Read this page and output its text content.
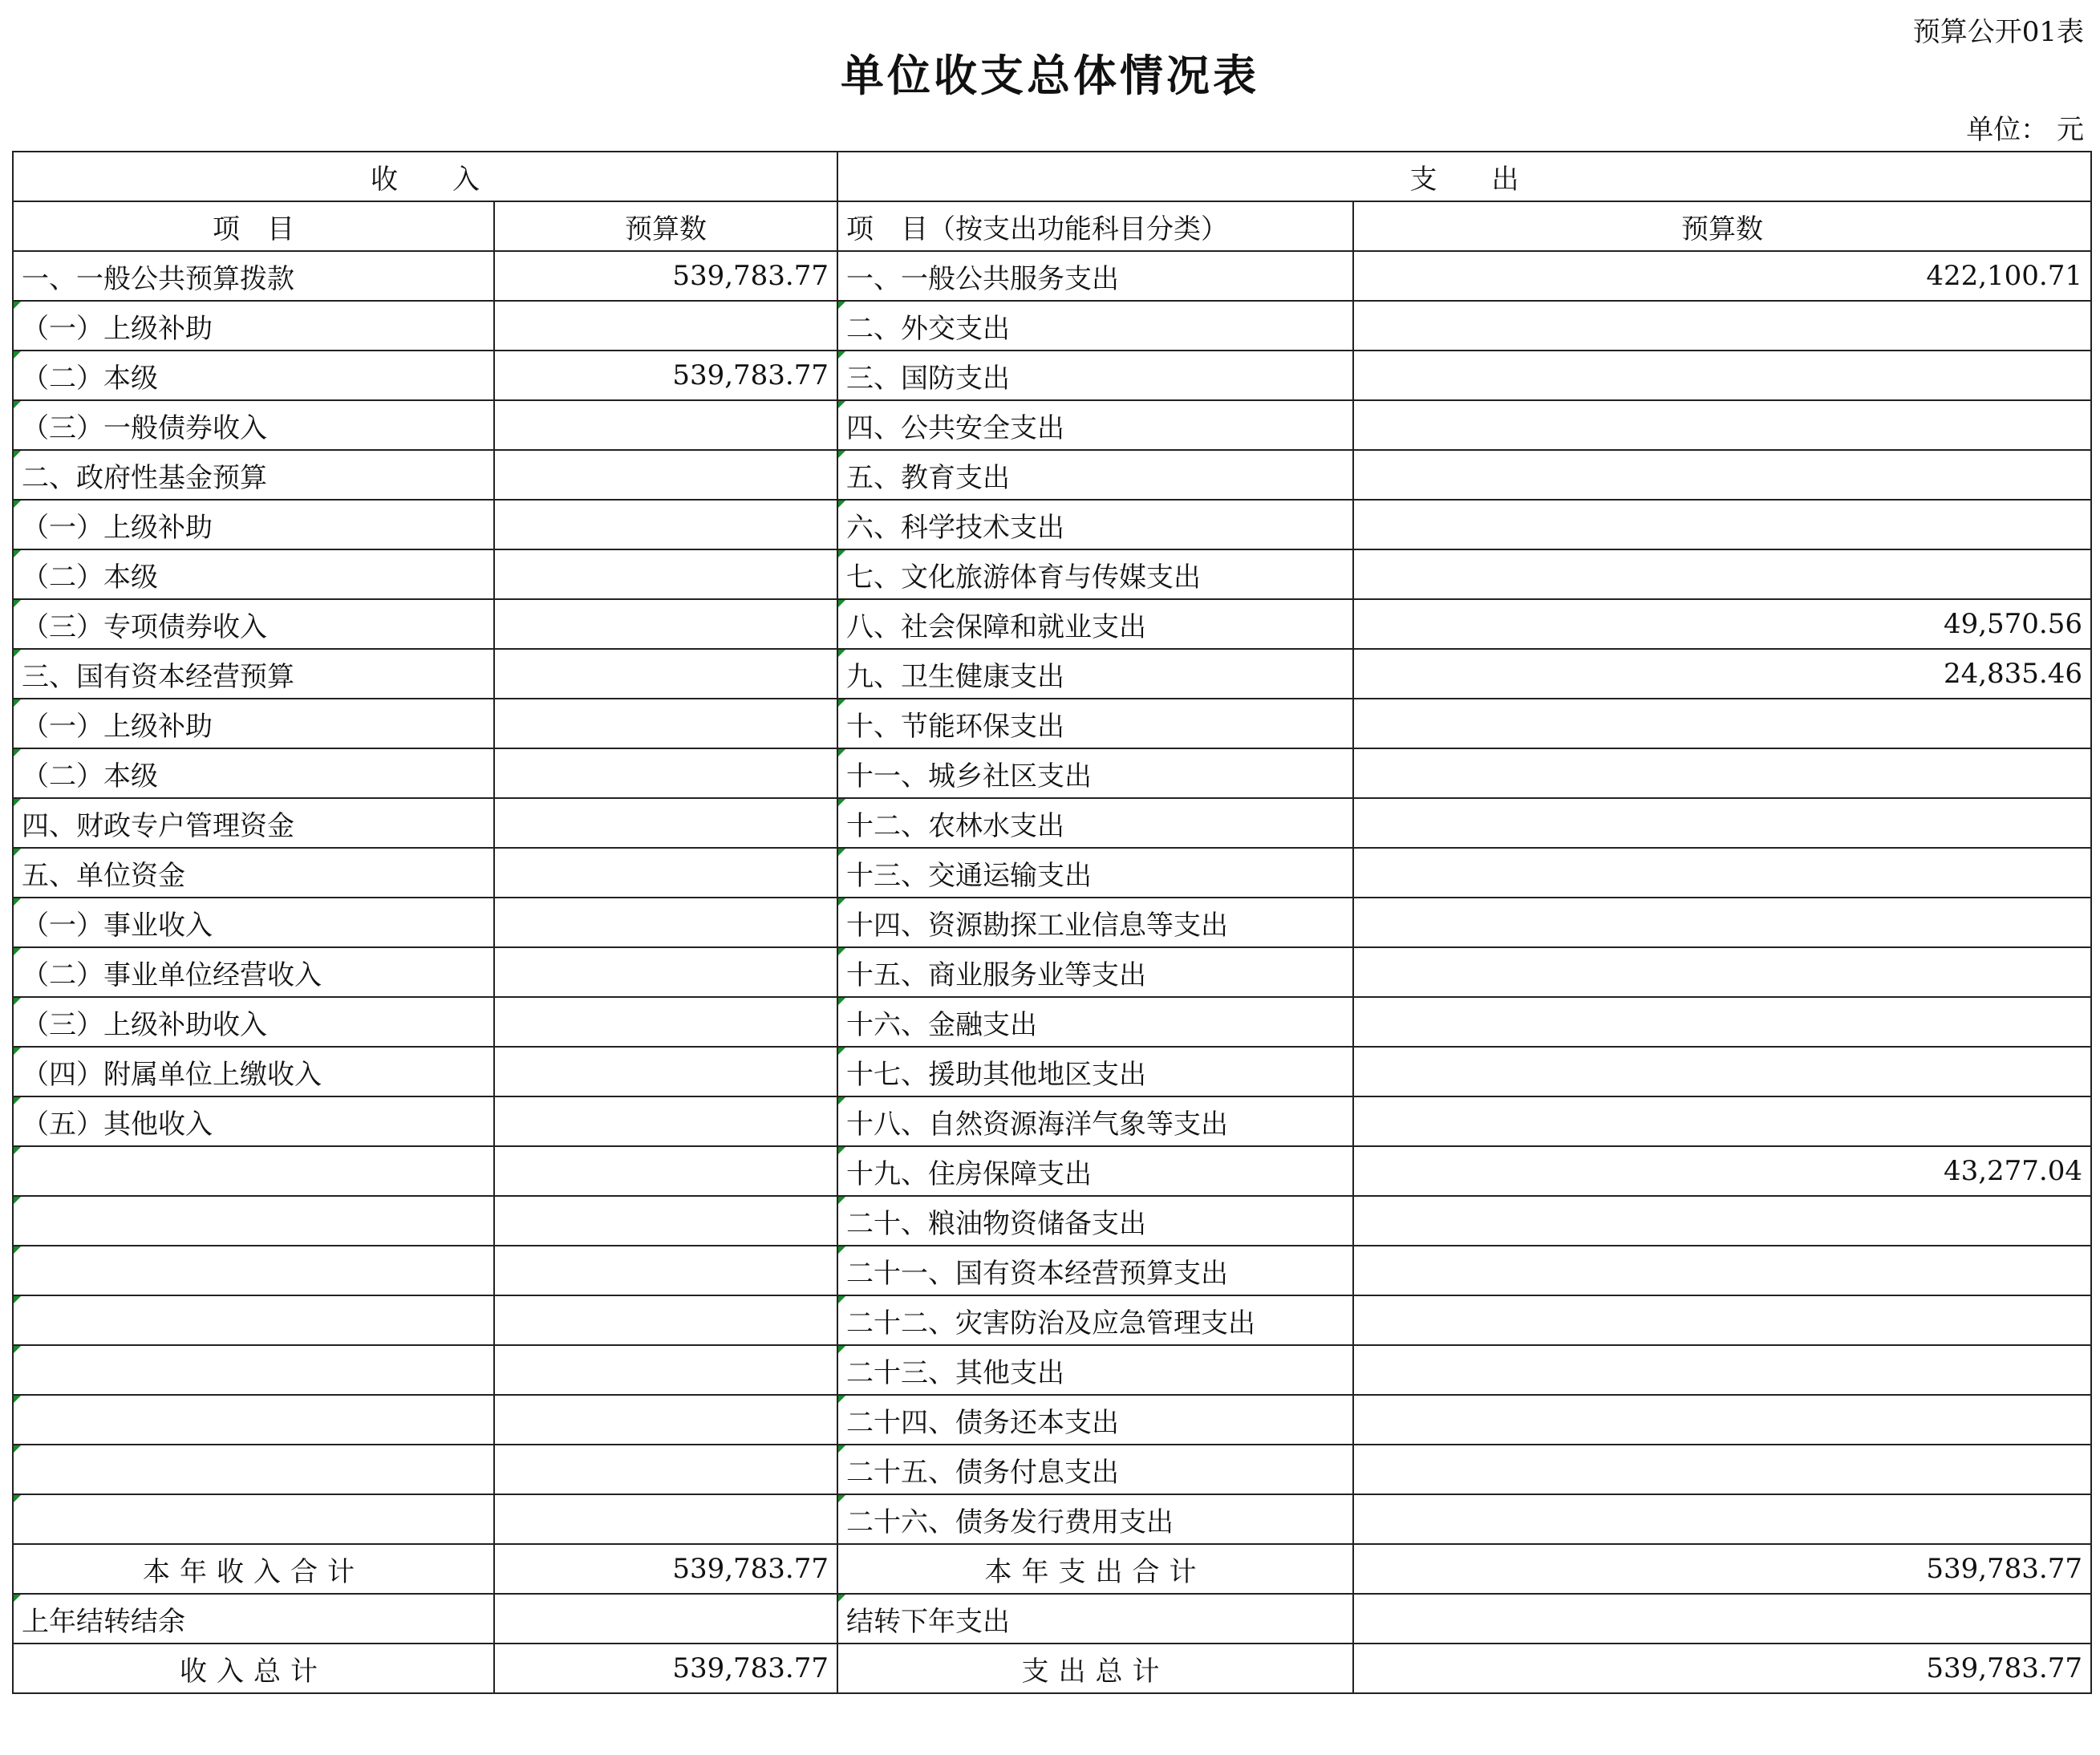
预算公开01表
单位收支总体情况表
单位： 元
收　　入		支　　出	
项　目	预算数	项　目（按支出功能科目分类）	预算数
一、一般公共预算拨款	539,783.77	一、一般公共服务支出	422,100.71
（一）上级补助		二、外交支出	
（二）本级	539,783.77	三、国防支出	
（三）一般债券收入		四、公共安全支出	
二、政府性基金预算		五、教育支出	
（一）上级补助		六、科学技术支出	
（二）本级		七、文化旅游体育与传媒支出	
（三）专项债券收入		八、社会保障和就业支出	49,570.56
三、国有资本经营预算		九、卫生健康支出	24,835.46
（一）上级补助		十、节能环保支出	
（二）本级		十一、城乡社区支出	
四、财政专户管理资金		十二、农林水支出	
五、单位资金		十三、交通运输支出	
（一）事业收入		十四、资源勘探工业信息等支出	
（二）事业单位经营收入		十五、商业服务业等支出	
（三）上级补助收入		十六、金融支出	
（四）附属单位上缴收入		十七、援助其他地区支出	
（五）其他收入		十八、自然资源海洋气象等支出	
		十九、住房保障支出	43,277.04
		二十、粮油物资储备支出	
		二十一、国有资本经营预算支出	
		二十二、灾害防治及应急管理支出	
		二十三、其他支出	
		二十四、债务还本支出	
		二十五、债务付息支出	
		二十六、债务发行费用支出	
本年收入合计	539,783.77	本年支出合计	539,783.77
上年结转结余		结转下年支出	
收入总计	539,783.77	支出总计	539,783.77
